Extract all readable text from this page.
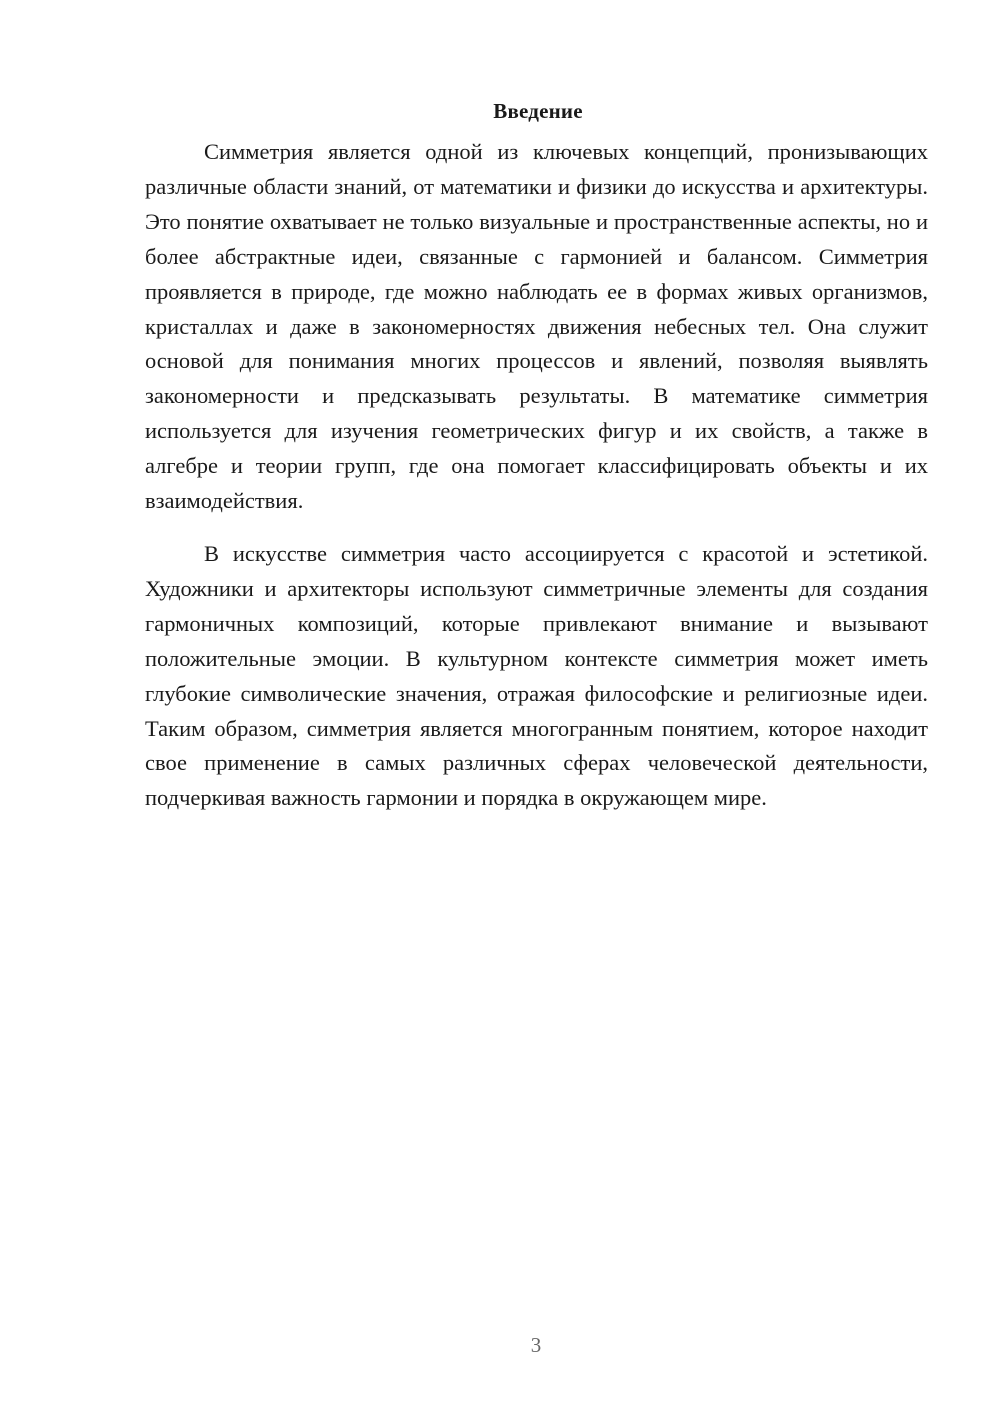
Введение

Симметрия является одной из ключевых концепций, пронизывающих различные области знаний, от математики и физики до искусства и архитектуры. Это понятие охватывает не только визуальные и пространственные аспекты, но и более абстрактные идеи, связанные с гармонией и балансом. Симметрия проявляется в природе, где можно наблюдать ее в формах живых организмов, кристаллах и даже в закономерностях движения небесных тел. Она служит основой для понимания многих процессов и явлений, позволяя выявлять закономерности и предсказывать результаты. В математике симметрия используется для изучения геометрических фигур и их свойств, а также в алгебре и теории групп, где она помогает классифицировать объекты и их взаимодействия.

В искусстве симметрия часто ассоциируется с красотой и эстетикой. Художники и архитекторы используют симметричные элементы для создания гармоничных композиций, которые привлекают внимание и вызывают положительные эмоции. В культурном контексте симметрия может иметь глубокие символические значения, отражая философские и религиозные идеи. Таким образом, симметрия является многогранным понятием, которое находит свое применение в самых различных сферах человеческой деятельности, подчеркивая важность гармонии и порядка в окружающем мире.

3
